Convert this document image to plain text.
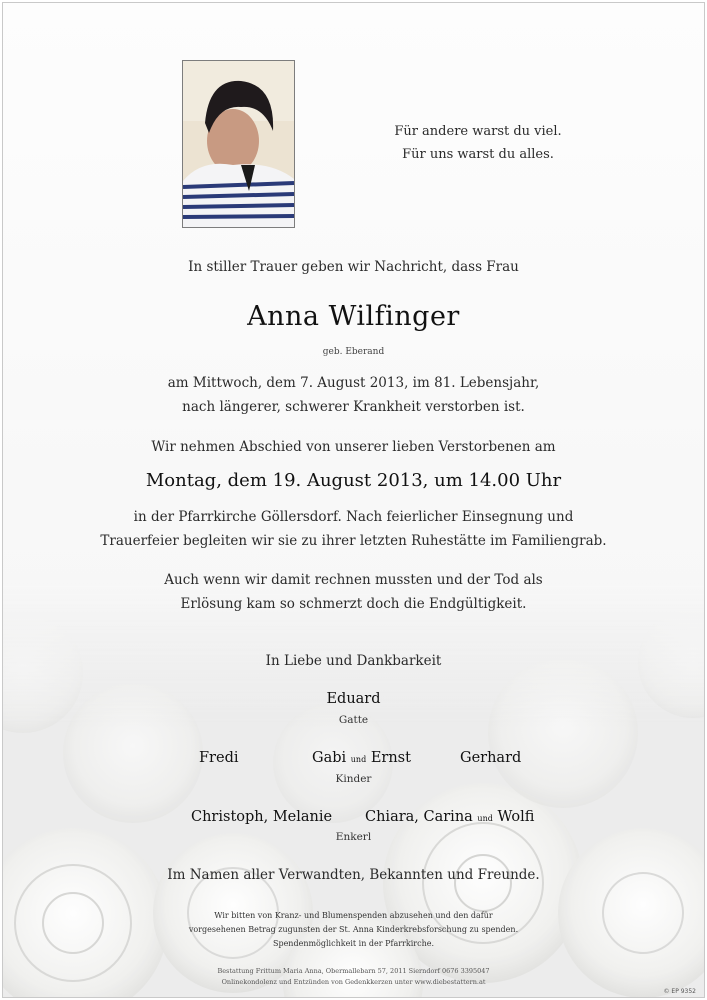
Für andere warst du viel.
Für uns warst du alles.
In stiller Trauer geben wir Nachricht, dass Frau
Anna Wilfinger
geb. Eberand
am Mittwoch, dem 7. August 2013, im 81. Lebensjahr,
nach längerer, schwerer Krankheit verstorben ist.
Wir nehmen Abschied von unserer lieben Verstorbenen am
Montag, dem 19. August 2013, um 14.00 Uhr
in der Pfarrkirche Göllersdorf. Nach feierlicher Einsegnung und
Trauerfeier begleiten wir sie zu ihrer letzten Ruhestätte im Familiengrab.
Auch wenn wir damit rechnen mussten und der Tod als
Erlösung kam so schmerzt doch die Endgültigkeit.
In Liebe und Dankbarkeit
Eduard
Gatte
Fredi	Gabi und Ernst	Gerhard
Kinder
Christoph, Melanie Chiara, Carina und Wolfi
Enkerl
Im Namen aller Verwandten, Bekannten und Freunde.
Wir bitten von Kranz- und Blumenspenden abzusehen und den dafür
vorgesehenen Betrag zugunsten der St. Anna Kinderkrebsforschung zu spenden.
Spendenmöglichkeit in der Pfarrkirche.
Bestattung Frittum Maria Anna, Obermallebarn 57, 2011 Sierndorf 0676 3395047
Onlinekondolenz und Entzünden von Gedenkkerzen unter www.diebestattern.at
© EP 9352
